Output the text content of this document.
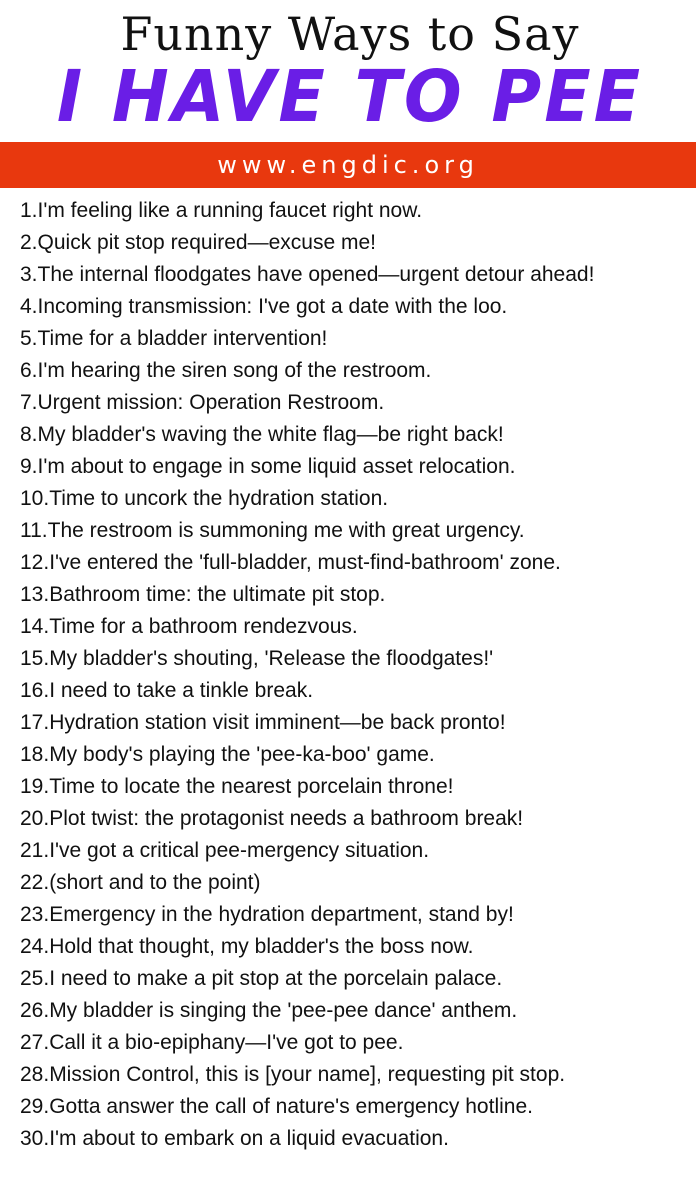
Funny Ways to Say
I HAVE TO PEE
www.engdic.org
1.I'm feeling like a running faucet right now.
2.Quick pit stop required—excuse me!
3.The internal floodgates have opened—urgent detour ahead!
4.Incoming transmission: I've got a date with the loo.
5.Time for a bladder intervention!
6.I'm hearing the siren song of the restroom.
7.Urgent mission: Operation Restroom.
8.My bladder's waving the white flag—be right back!
9.I'm about to engage in some liquid asset relocation.
10.Time to uncork the hydration station.
11.The restroom is summoning me with great urgency.
12.I've entered the 'full-bladder, must-find-bathroom' zone.
13.Bathroom time: the ultimate pit stop.
14.Time for a bathroom rendezvous.
15.My bladder's shouting, 'Release the floodgates!'
16.I need to take a tinkle break.
17.Hydration station visit imminent—be back pronto!
18.My body's playing the 'pee-ka-boo' game.
19.Time to locate the nearest porcelain throne!
20.Plot twist: the protagonist needs a bathroom break!
21.I've got a critical pee-mergency situation.
22.(short and to the point)
23.Emergency in the hydration department, stand by!
24.Hold that thought, my bladder's the boss now.
25.I need to make a pit stop at the porcelain palace.
26.My bladder is singing the 'pee-pee dance' anthem.
27.Call it a bio-epiphany—I've got to pee.
28.Mission Control, this is [your name], requesting pit stop.
29.Gotta answer the call of nature's emergency hotline.
30.I'm about to embark on a liquid evacuation.
